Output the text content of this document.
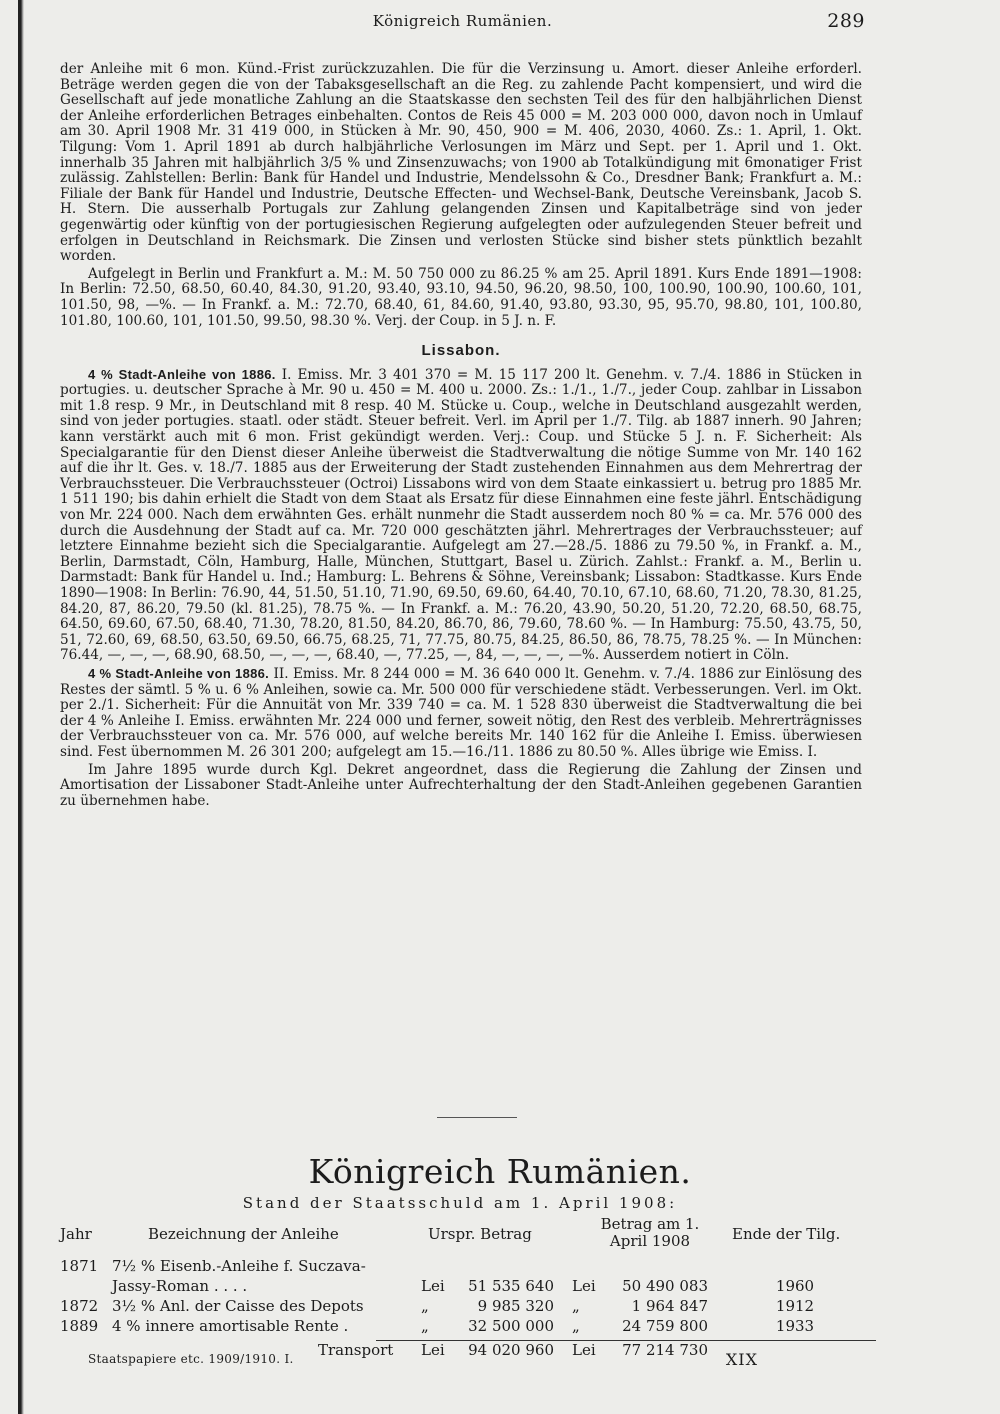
Königreich Rumänien.	289

der Anleihe mit 6 mon. Künd.-Frist zurückzuzahlen. Die für die Verzinsung u. Amort. dieser Anleihe erforderl. Beträge werden gegen die von der Tabaksgesellschaft an die Reg. zu zahlende Pacht kompensiert, und wird die Gesellschaft auf jede monatliche Zahlung an die Staatskasse den sechsten Teil des für den halbjährlichen Dienst der Anleihe erforderlichen Betrages einbehalten. Contos de Reis 45 000 = M. 203 000 000, davon noch in Umlauf am 30. April 1908 Mr. 31 419 000, in Stücken à Mr. 90, 450, 900 = M. 406, 2030, 4060. Zs.: 1. April, 1. Okt. Tilgung: Vom 1. April 1891 ab durch halbjährliche Verlosungen im März und Sept. per 1. April und 1. Okt. innerhalb 35 Jahren mit halbjährlich 3/5 % und Zinsenzuwachs; von 1900 ab Totalkündigung mit 6monatiger Frist zulässig. Zahlstellen: Berlin: Bank für Handel und Industrie, Mendelssohn & Co., Dresdner Bank; Frankfurt a. M.: Filiale der Bank für Handel und Industrie, Deutsche Effecten- und Wechsel-Bank, Deutsche Vereinsbank, Jacob S. H. Stern. Die ausserhalb Portugals zur Zahlung gelangenden Zinsen und Kapitalbeträge sind von jeder gegenwärtig oder künftig von der portugiesischen Regierung aufgelegten oder aufzulegenden Steuer befreit und erfolgen in Deutschland in Reichsmark. Die Zinsen und verlosten Stücke sind bisher stets pünktlich bezahlt worden.

Aufgelegt in Berlin und Frankfurt a. M.: M. 50 750 000 zu 86.25 % am 25. April 1891. Kurs Ende 1891—1908: In Berlin: 72.50, 68.50, 60.40, 84.30, 91.20, 93.40, 93.10, 94.50, 96.20, 98.50, 100, 100.90, 100.90, 100.60, 101, 101.50, 98, —%. — In Frankf. a. M.: 72.70, 68.40, 61, 84.60, 91.40, 93.80, 93.30, 95, 95.70, 98.80, 101, 100.80, 101.80, 100.60, 101, 101.50, 99.50, 98.30 %. Verj. der Coup. in 5 J. n. F.

Lissabon.

4 % Stadt-Anleihe von 1886. I. Emiss. Mr. 3 401 370 = M. 15 117 200 lt. Genehm. v. 7./4. 1886 in Stücken in portugies. u. deutscher Sprache à Mr. 90 u. 450 = M. 400 u. 2000. Zs.: 1./1., 1./7., jeder Coup. zahlbar in Lissabon mit 1.8 resp. 9 Mr., in Deutschland mit 8 resp. 40 M. Stücke u. Coup., welche in Deutschland ausgezahlt werden, sind von jeder portugies. staatl. oder städt. Steuer befreit. Verl. im April per 1./7. Tilg. ab 1887 innerh. 90 Jahren; kann verstärkt auch mit 6 mon. Frist gekündigt werden. Verj.: Coup. und Stücke 5 J. n. F. Sicherheit: Als Specialgarantie für den Dienst dieser Anleihe überweist die Stadtverwaltung die nötige Summe von Mr. 140 162 auf die ihr lt. Ges. v. 18./7. 1885 aus der Erweiterung der Stadt zustehenden Einnahmen aus dem Mehrertrag der Verbrauchssteuer. Die Verbrauchssteuer (Octroi) Lissabons wird von dem Staate einkassiert u. betrug pro 1885 Mr. 1 511 190; bis dahin erhielt die Stadt von dem Staat als Ersatz für diese Einnahmen eine feste jährl. Entschädigung von Mr. 224 000. Nach dem erwähnten Ges. erhält nunmehr die Stadt ausserdem noch 80 % = ca. Mr. 576 000 des durch die Ausdehnung der Stadt auf ca. Mr. 720 000 geschätzten jährl. Mehrertrages der Verbrauchssteuer; auf letztere Einnahme bezieht sich die Specialgarantie. Aufgelegt am 27.—28./5. 1886 zu 79.50 %, in Frankf. a. M., Berlin, Darmstadt, Cöln, Hamburg, Halle, München, Stuttgart, Basel u. Zürich. Zahlst.: Frankf. a. M., Berlin u. Darmstadt: Bank für Handel u. Ind.; Hamburg: L. Behrens & Söhne, Vereinsbank; Lissabon: Stadtkasse. Kurs Ende 1890—1908: In Berlin: 76.90, 44, 51.50, 51.10, 71.90, 69.50, 69.60, 64.40, 70.10, 67.10, 68.60, 71.20, 78.30, 81.25, 84.20, 87, 86.20, 79.50 (kl. 81.25), 78.75 %. — In Frankf. a. M.: 76.20, 43.90, 50.20, 51.20, 72.20, 68.50, 68.75, 64.50, 69.60, 67.50, 68.40, 71.30, 78.20, 81.50, 84.20, 86.70, 86, 79.60, 78.60 %. — In Hamburg: 75.50, 43.75, 50, 51, 72.60, 69, 68.50, 63.50, 69.50, 66.75, 68.25, 71, 77.75, 80.75, 84.25, 86.50, 86, 78.75, 78.25 %. — In München: 76.44, —, —, —, 68.90, 68.50, —, —, —, 68.40, —, 77.25, —, 84, —, —, —, —%. Ausserdem notiert in Cöln.

4 % Stadt-Anleihe von 1886. II. Emiss. Mr. 8 244 000 = M. 36 640 000 lt. Genehm. v. 7./4. 1886 zur Einlösung des Restes der sämtl. 5 % u. 6 % Anleihen, sowie ca. Mr. 500 000 für verschiedene städt. Verbesserungen. Verl. im Okt. per 2./1. Sicherheit: Für die Annuität von Mr. 339 740 = ca. M. 1 528 830 überweist die Stadtverwaltung die bei der 4 % Anleihe I. Emiss. erwähnten Mr. 224 000 und ferner, soweit nötig, den Rest des verbleib. Mehrerträgnisses der Verbrauchssteuer von ca. Mr. 576 000, auf welche bereits Mr. 140 162 für die Anleihe I. Emiss. überwiesen sind. Fest übernommen M. 26 301 200; aufgelegt am 15.—16./11. 1886 zu 80.50 %. Alles übrige wie Emiss. I.

Im Jahre 1895 wurde durch Kgl. Dekret angeordnet, dass die Regierung die Zahlung der Zinsen und Amortisation der Lissaboner Stadt-Anleihe unter Aufrechterhaltung der den Stadt-Anleihen gegebenen Garantien zu übernehmen habe.

Königreich Rumänien.
Stand der Staatsschuld am 1. April 1908:
Jahr	Bezeichnung der Anleihe	Urspr. Betrag
Betrag am 1. April 1908	Ende der Tilg.
1871 7½ % Eisenb.-Anleihe f. Suczava-
Jassy-Roman . . . .	Lei	51 535 640 Lei	50 490 083	1960
1872 3½ % Anl. der Caisse des Depots	„	9 985 320 „	1 964 847	1912
1889 4 % innere amortisable Rente .	„	32 500 000 „	24 759 800	1933
Transport Lei	94 020 960 Lei	77 214 730
Staatspapiere etc. 1909/1910. I.	XIX
